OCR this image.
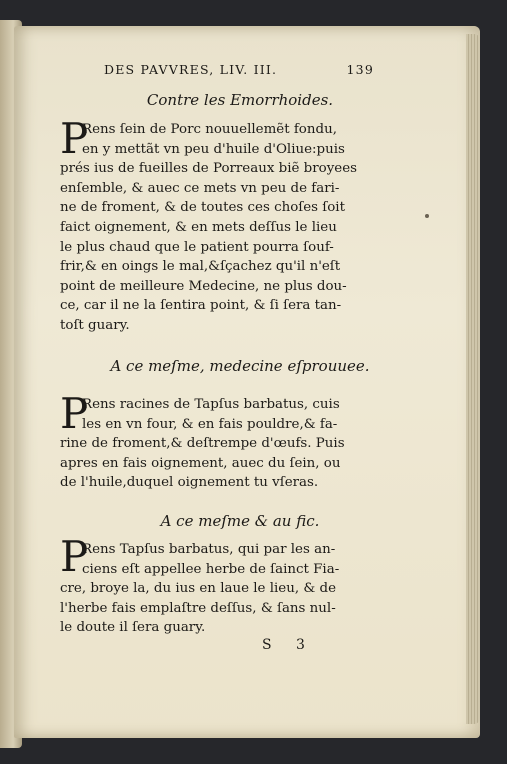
DES PAVVRES, LIV. III.	139
Contre les Emorrhoides.
P
Rens ſein de Porc nouuellemẽt fondu,
en y mettãt vn peu d'huile d'Oliue:puis
prés ius de fueilles de Porreaux biẽ broyees
enſemble, & auec ce mets vn peu de fari-
ne de froment, & de toutes ces choſes ſoit
faict oignement, & en mets deſſus le lieu
le plus chaud que le patient pourra ſouf-
frir,& en oings le mal,&ſçachez qu'il n'eſt
point de meilleure Medecine, ne plus dou-
ce, car il ne la ſentira point, & ſi ſera tan-
toſt guary.
A ce meſme, medecine eſprouuee.
P
Rens racines de Tapſus barbatus, cuis
les en vn four, & en fais pouldre,& fa-
rine de froment,& deſtrempe d'œufs. Puis
apres en fais oignement, auec du ſein, ou
de l'huile,duquel oignement tu vſeras.
A ce meſme & au fic.
P
Rens Tapſus barbatus, qui par les an-
ciens eſt appellee herbe de ſainct Fia-
cre, broye la, du ius en laue le lieu, & de
l'herbe fais emplaſtre deſſus, & ſans nul-
le doute il ſera guary.
S 3
